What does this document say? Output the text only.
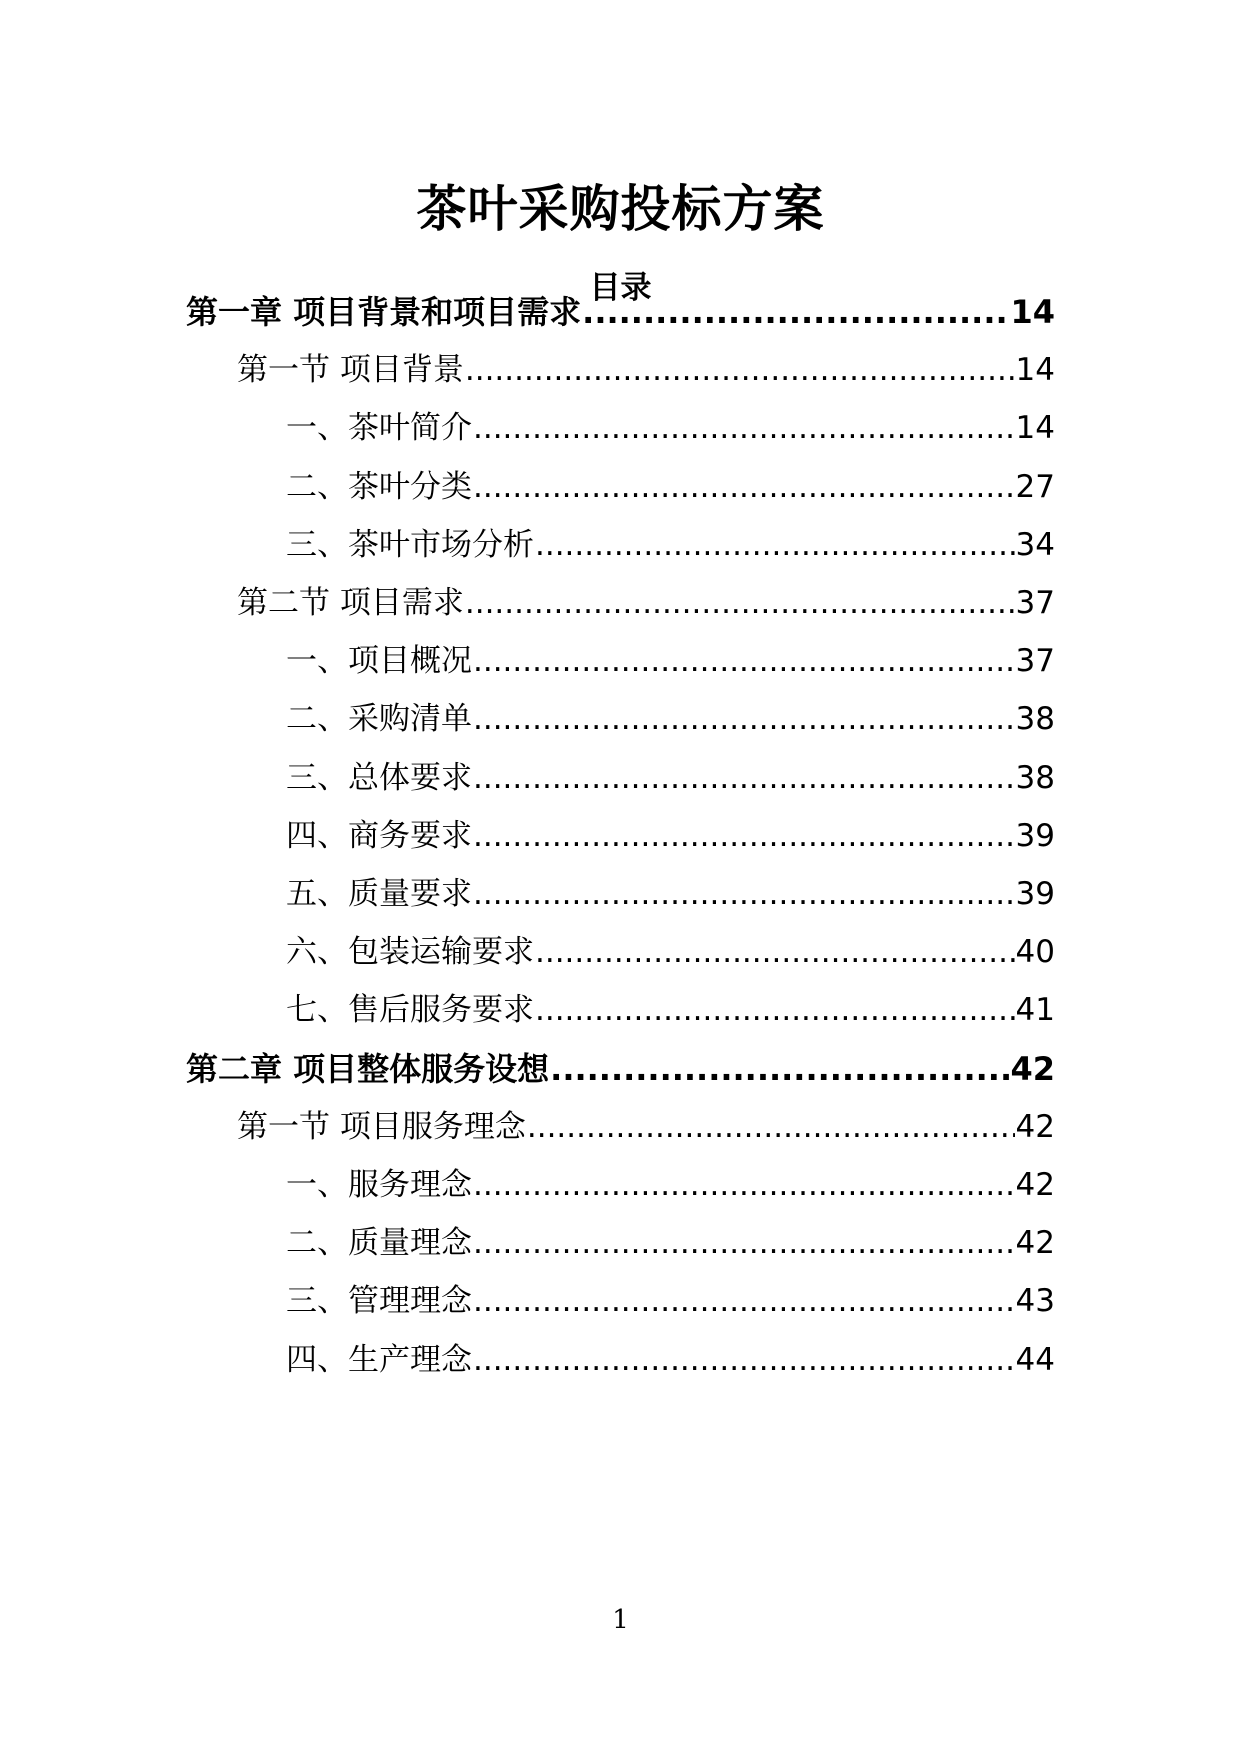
茶叶采购投标方案
目录
第一章 项目背景和项目需求 .....	14
第一节 项目背景 .....	14
一、茶叶简介 .....	14
二、茶叶分类 .....	27
三、茶叶市场分析 .....	34
第二节 项目需求 .....	37
一、项目概况 .....	37
二、采购清单 .....	38
三、总体要求 .....	38
四、商务要求 .....	39
五、质量要求 .....	39
六、包装运输要求 .....	40
七、售后服务要求 .....	41
第二章 项目整体服务设想 .....	42
第一节 项目服务理念 .....	42
一、服务理念 .....	42
二、质量理念 .....	42
三、管理理念 .....	43
四、生产理念 .....	44
1
